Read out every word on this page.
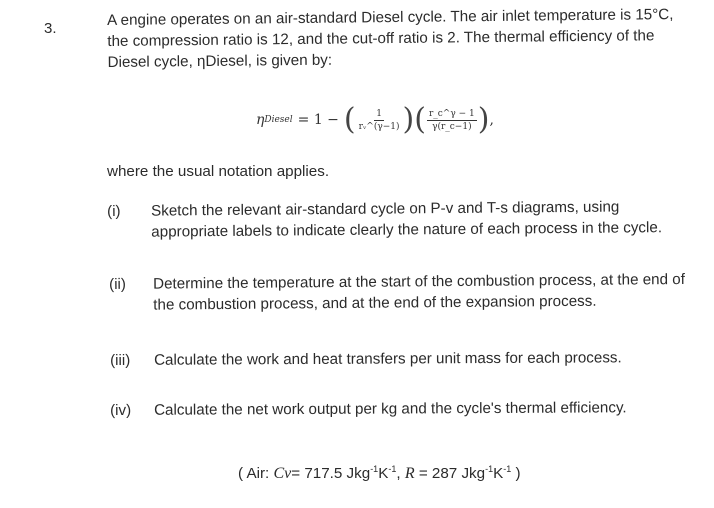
3.	A engine operates on an air-standard Diesel cycle. The air inlet temperature is 15°C, the compression ratio is 12, and the cut-off ratio is 2. The thermal efficiency of the Diesel cycle, ηDiesel, is given by:
η Diesel = 1 − ( $\frac{1}{\text{rᵥ\textasciicircum{}(γ−1)}}$ ) ( $\frac{r\_c\^{}\gamma - 1}{\gamma(r\_c-1)}$ ) ,
where the usual notation applies.
(i) Sketch the relevant air-standard cycle on P-v and T-s diagrams, using appropriate labels to indicate clearly the nature of each process in the cycle.
(ii) Determine the temperature at the start of the combustion process, at the end of the combustion process, and at the end of the expansion process.
(iii) Calculate the work and heat transfers per unit mass for each process.
(iv) Calculate the net work output per kg and the cycle's thermal efficiency.
( Air: Cv= 717.5 $Jkg^{-1}K^{-1}$, R = 287 $Jkg^{-1}K^{-1}$ )
